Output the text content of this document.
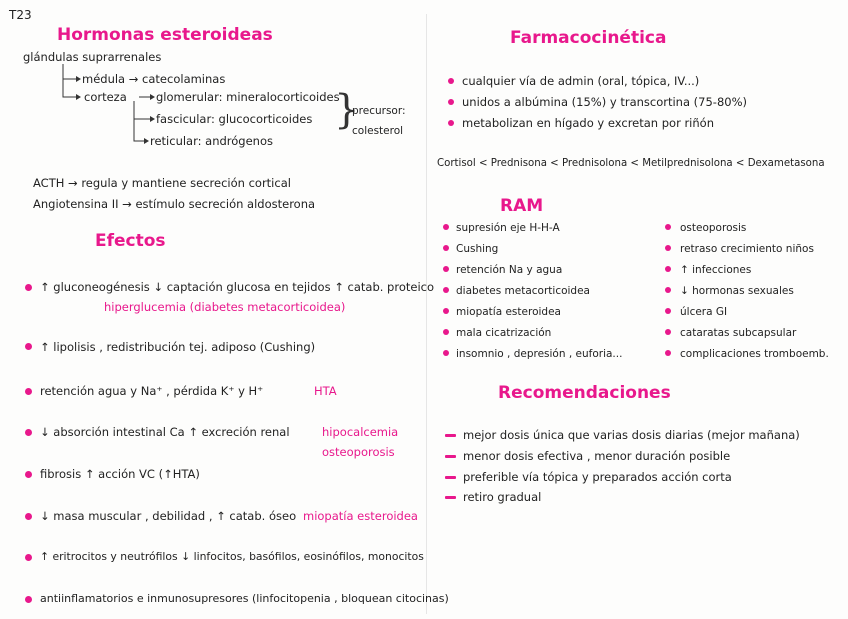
T23
Hormonas esteroideas
glándulas suprarrenales
médula → catecolaminas
corteza	glomerular: mineralocorticoides
fascicular: glucocorticoides
reticular: andrógenos
}
precursor:
colesterol
ACTH → regula y mantiene secreción cortical
Angiotensina II → estímulo secreción aldosterona
Efectos
↑ gluconeogénesis ↓ captación glucosa en tejidos ↑ catab. proteico
hiperglucemia (diabetes metacorticoidea)
↑ lipolisis , redistribución tej. adiposo (Cushing)
retención agua y Na⁺ , pérdida K⁺ y H⁺	HTA
↓ absorción intestinal Ca ↑ excreción renal	hipocalcemia
osteoporosis
fibrosis ↑ acción VC (↑HTA)
↓ masa muscular , debilidad , ↑ catab. óseo miopatía esteroidea
↑ eritrocitos y neutrófilos ↓ linfocitos, basófilos, eosinófilos, monocitos
antiinflamatorios e inmunosupresores (linfocitopenia , bloquean citocinas)
Farmacocinética
cualquier vía de admin (oral, tópica, IV...)
unidos a albúmina (15%) y transcortina (75-80%)
metabolizan en hígado y excretan por riñón
Cortisol < Prednisona < Prednisolona < Metilprednisolona < Dexametasona
RAM
supresión eje H-H-A
Cushing
retención Na y agua
diabetes metacorticoidea
miopatía esteroidea
mala cicatrización
insomnio , depresión , euforia...
osteoporosis
retraso crecimiento niños
↑ infecciones
↓ hormonas sexuales
úlcera GI
cataratas subcapsular
complicaciones tromboemb.
Recomendaciones
mejor dosis única que varias dosis diarias (mejor mañana)
menor dosis efectiva , menor duración posible
preferible vía tópica y preparados acción corta
retiro gradual
